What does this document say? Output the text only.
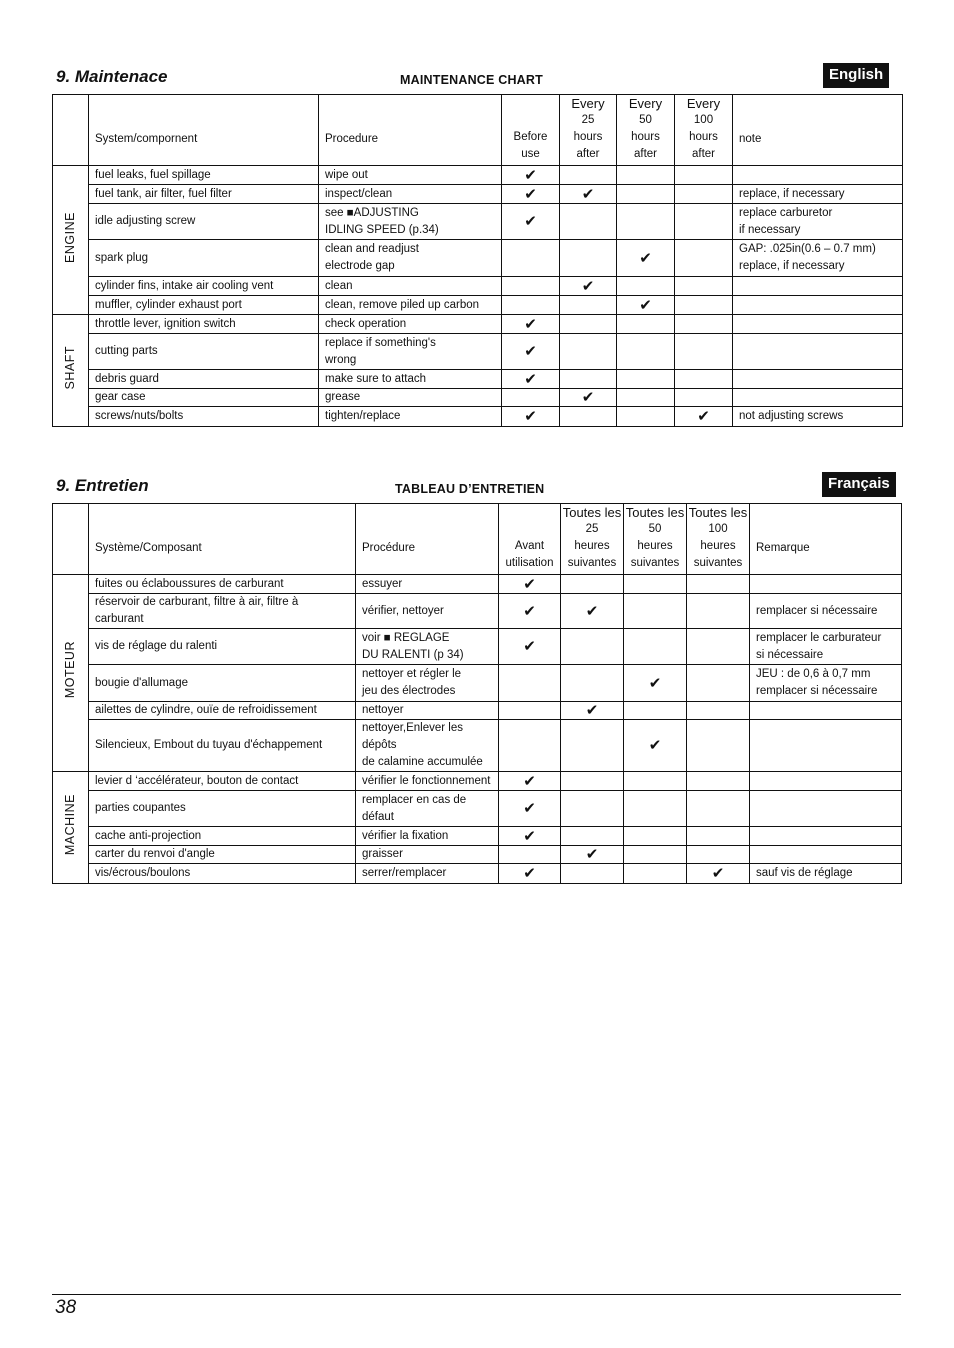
9. Maintenace	MAINTENANCE CHART	English
	System/compornent	Procedure	Before
use	Every
25
hours
after	Every
50
hours
after	Every
100
hours
after	note
ENGINE	fuel leaks, fuel spillage	wipe out	✔				

	fuel tank, air filter, fuel filter	inspect/clean	✔	✔			replace, if necessary

	idle adjusting screw	see ■ADJUSTING
IDLING SPEED (p.34)	✔				replace carburetor
if necessary

	spark plug	clean and readjust
electrode gap			✔		GAP: .025in(0.6 – 0.7 mm)
replace, if necessary

	cylinder fins, intake air cooling vent	clean		✔			

	muffler, cylinder exhaust port	clean, remove piled up carbon			✔		
SHAFT	throttle lever, ignition switch	check operation	✔				

	cutting parts	replace if something's
wrong	✔				

	debris guard	make sure to attach	✔				

	gear case	grease		✔			

	screws/nuts/bolts	tighten/replace	✔			✔	not adjusting screws
9. Entretien	TABLEAU D’ENTRETIEN	Français
	Système/Composant	Procédure	Avant
utilisation	Toutes les
25
heures
suivantes	Toutes les
50
heures
suivantes	Toutes les
100
heures
suivantes	Remarque
MOTEUR	fuites ou éclaboussures de carburant	essuyer	✔				

	réservoir de carburant, filtre à air, filtre à carburant	vérifier, nettoyer	✔	✔			remplacer si nécessaire

	vis de réglage du ralenti	voir ■ REGLAGE
DU RALENTI (p 34)	✔				remplacer le carburateur
si nécessaire

	bougie d'allumage	nettoyer et régler le
jeu des électrodes			✔		JEU : de 0,6 à 0,7 mm
remplacer si nécessaire

	ailettes de cylindre, ouïe de refroidissement	nettoyer		✔			

	Silencieux, Embout du tuyau d'échappement	nettoyer,Enlever les dépôts
de calamine accumulée			✔		
MACHINE	levier d ‘accélérateur, bouton de contact	vérifier le fonctionnement	✔				

	parties coupantes	remplacer en cas de
défaut	✔				

	cache anti-projection	vérifier la fixation	✔				

	carter du renvoi d'angle	graisser		✔			

	vis/écrous/boulons	serrer/remplacer	✔			✔	sauf vis de réglage
38
